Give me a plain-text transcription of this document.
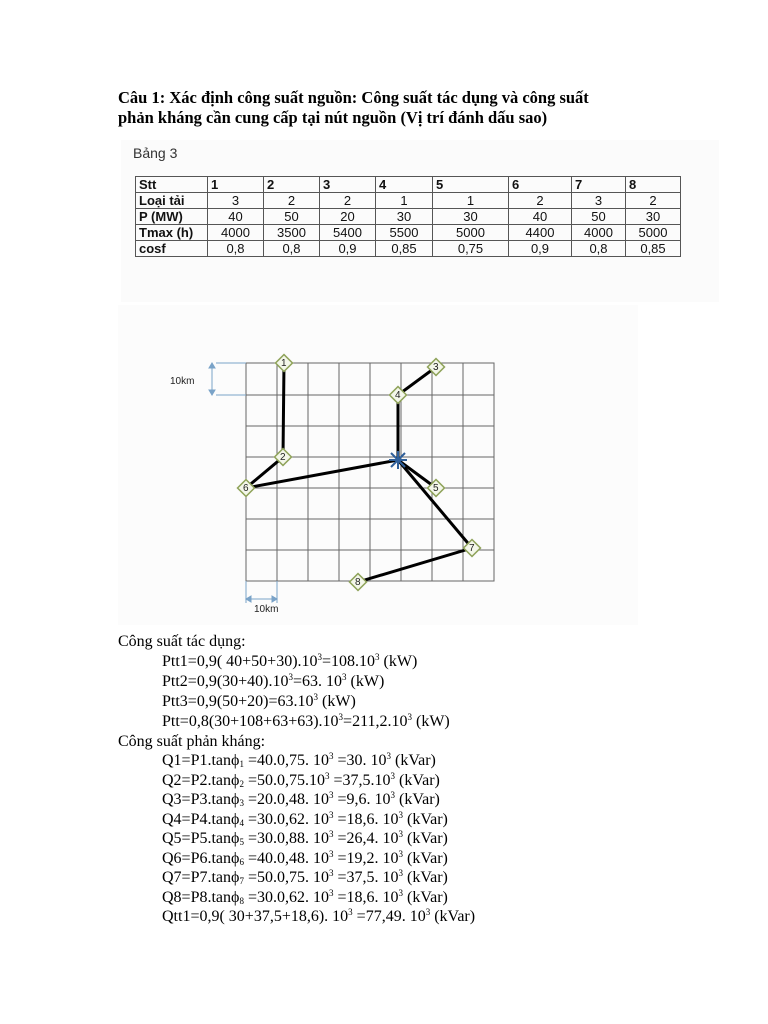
Câu 1: Xác định công suất nguồn: Công suất tác dụng và công suất
phản kháng cần cung cấp tại nút nguồn (Vị trí đánh dấu sao)
Bảng 3
Stt	1	2	3	4	5	6	7	8
Loại tải	3	2	2	1	1	2	3	2
P (MW)	40	50	20	30	30	40	50	30
Tmax (h)	4000	3500	5400	5500	5000	4400	4000	5000
cosf	0,8	0,8	0,9	0,85	0,75	0,9	0,8	0,85
10km
10km
1
2
3
4
5
6
7
8
Công suất tác dụng:
Ptt1=0,9( $40+50+30).10^3=108.10^3$ (kW)
$Ptt2=0,9(30+40).10^3=63$. $10^3$ (kW)
$Ptt3=0,9(50+20)=63.10^3$ (kW)
$Ptt=0,8(30+108+63+63).10^3=211,2.10^3$ (kW)
Công suất phản kháng:
Q1=P1.tanϕ$_1$ =40.0,75. $10^3 =30$. $10^3$ (kVar)
$Q2=P2.\tan\phi_2 =50.0,75.10^3 =37,5.10^3$ (kVar)
Q3=P3.tanϕ$_3$ =20.0,48. $10^3 =9,6$. $10^3$ (kVar)
Q4=P4.tanϕ$_4$ =30.0,62. $10^3 =18,6$. $10^3$ (kVar)
Q5=P5.tanϕ$_5$ =30.0,88. $10^3 =26,4$. $10^3$ (kVar)
Q6=P6.tanϕ$_6$ =40.0,48. $10^3 =19,2$. $10^3$ (kVar)
Q7=P7.tanϕ$_7$ =50.0,75. $10^3 =37,5$. $10^3$ (kVar)
Q8=P8.tanϕ$_8$ =30.0,62. $10^3 =18,6$. $10^3$ (kVar)
Qtt1=0,9( 30+37,5+18,6). $10^3 =77,49$. $10^3$ (kVar)
